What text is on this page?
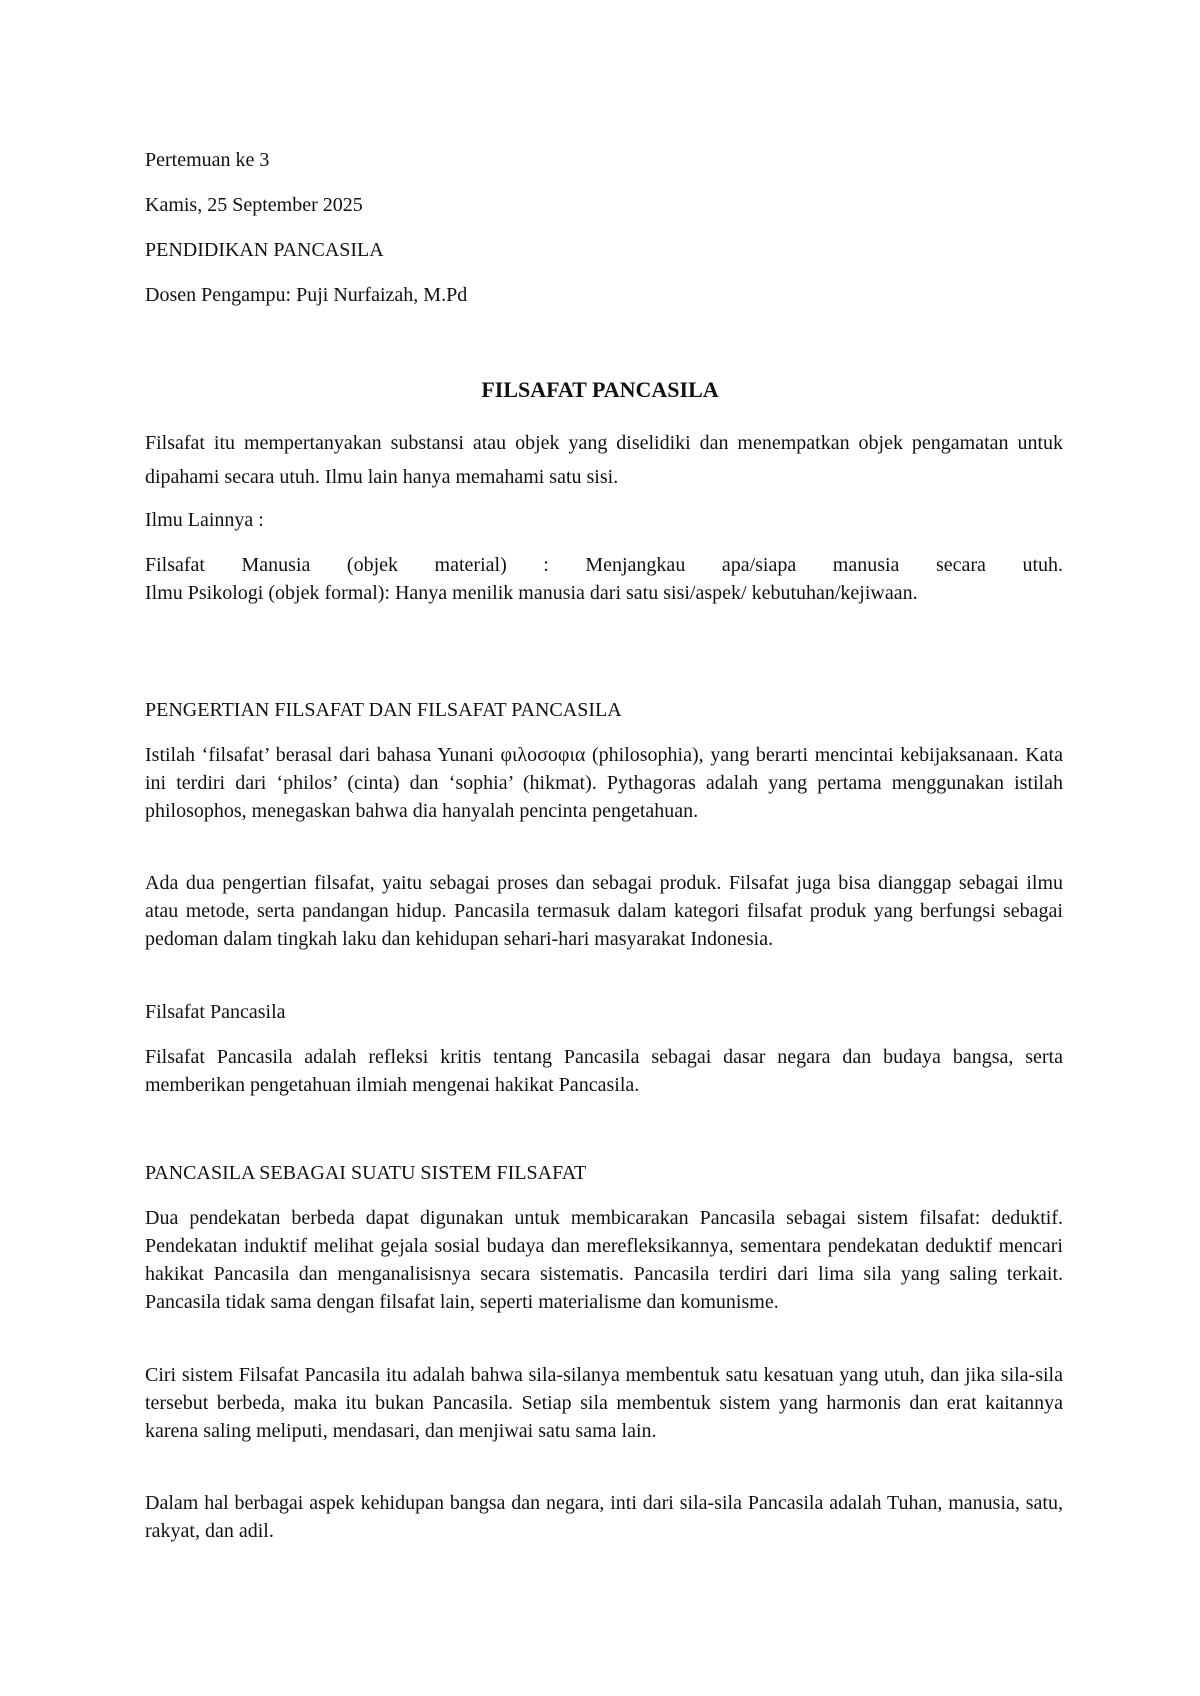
Pertemuan ke 3

Kamis, 25 September 2025

PENDIDIKAN PANCASILA

Dosen Pengampu: Puji Nurfaizah, M.Pd

FILSAFAT PANCASILA

Filsafat itu mempertanyakan substansi atau objek yang diselidiki dan menempatkan objek pengamatan untuk dipahami secara utuh. Ilmu lain hanya memahami satu sisi.

Ilmu Lainnya :

Filsafat Manusia (objek material) : Menjangkau apa/siapa manusia secara utuh.

Ilmu Psikologi (objek formal): Hanya menilik manusia dari satu sisi/aspek/ kebutuhan/kejiwaan.

PENGERTIAN FILSAFAT DAN FILSAFAT PANCASILA

Istilah ‘filsafat’ berasal dari bahasa Yunani φιλοσοφια (philosophia), yang berarti mencintai kebijaksanaan. Kata ini terdiri dari ‘philos’ (cinta) dan ‘sophia’ (hikmat). Pythagoras adalah yang pertama menggunakan istilah philosophos, menegaskan bahwa dia hanyalah pencinta pengetahuan.

Ada dua pengertian filsafat, yaitu sebagai proses dan sebagai produk. Filsafat juga bisa dianggap sebagai ilmu atau metode, serta pandangan hidup. Pancasila termasuk dalam kategori filsafat produk yang berfungsi sebagai pedoman dalam tingkah laku dan kehidupan sehari-hari masyarakat Indonesia.

Filsafat Pancasila

Filsafat Pancasila adalah refleksi kritis tentang Pancasila sebagai dasar negara dan budaya bangsa, serta memberikan pengetahuan ilmiah mengenai hakikat Pancasila.

PANCASILA SEBAGAI SUATU SISTEM FILSAFAT

Dua pendekatan berbeda dapat digunakan untuk membicarakan Pancasila sebagai sistem filsafat: deduktif. Pendekatan induktif melihat gejala sosial budaya dan merefleksikannya, sementara pendekatan deduktif mencari hakikat Pancasila dan menganalisisnya secara sistematis. Pancasila terdiri dari lima sila yang saling terkait. Pancasila tidak sama dengan filsafat lain, seperti materialisme dan komunisme.

Ciri sistem Filsafat Pancasila itu adalah bahwa sila-silanya membentuk satu kesatuan yang utuh, dan jika sila-sila tersebut berbeda, maka itu bukan Pancasila. Setiap sila membentuk sistem yang harmonis dan erat kaitannya karena saling meliputi, mendasari, dan menjiwai satu sama lain.

Dalam hal berbagai aspek kehidupan bangsa dan negara, inti dari sila-sila Pancasila adalah Tuhan, manusia, satu, rakyat, dan adil.
